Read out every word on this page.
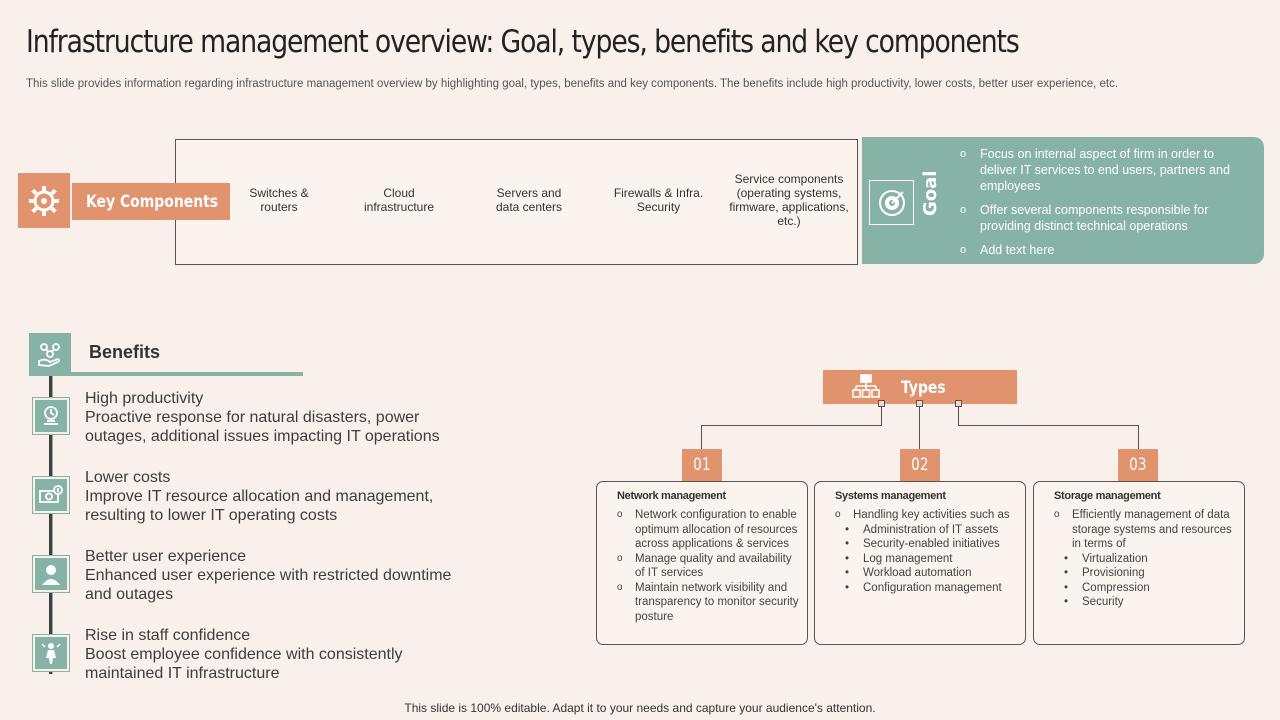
Infrastructure management overview: Goal, types, benefits and key components
This slide provides information regarding infrastructure management overview by highlighting goal, types, benefits and key components. The benefits include high productivity, lower costs, better user experience, etc.
Switches &
routers
Cloud
infrastructure
Servers and
data centers
Firewalls & Infra.
Security
Service components
(operating systems,
firmware, applications,
etc.)
Key Components	Goal
o Focus on internal aspect of firm in order to deliver IT services to end users, partners and employees
o Offer several components responsible for providing distinct technical operations
o Add text here
Benefits
High productivity
Proactive response for natural disasters, power outages, additional issues impacting IT operations
Lower costs
Improve IT resource allocation and management, resulting to lower IT operating costs
Better user experience
Enhanced user experience with restricted downtime and outages
Rise in staff confidence
Boost employee confidence with consistently maintained IT infrastructure
Types
01	02	03
Network management
o Network configuration to enable optimum allocation of resources across applications & services
o Manage quality and availability of IT services
o Maintain network visibility and transparency to monitor security posture
Systems management
o Handling key activities such as
• Administration of IT assets
• Security-enabled initiatives
• Log management
• Workload automation
• Configuration management
Storage management
o Efficiently management of data storage systems and resources in terms of
• Virtualization
• Provisioning
• Compression
• Security
This slide is 100% editable. Adapt it to your needs and capture your audience's attention.
